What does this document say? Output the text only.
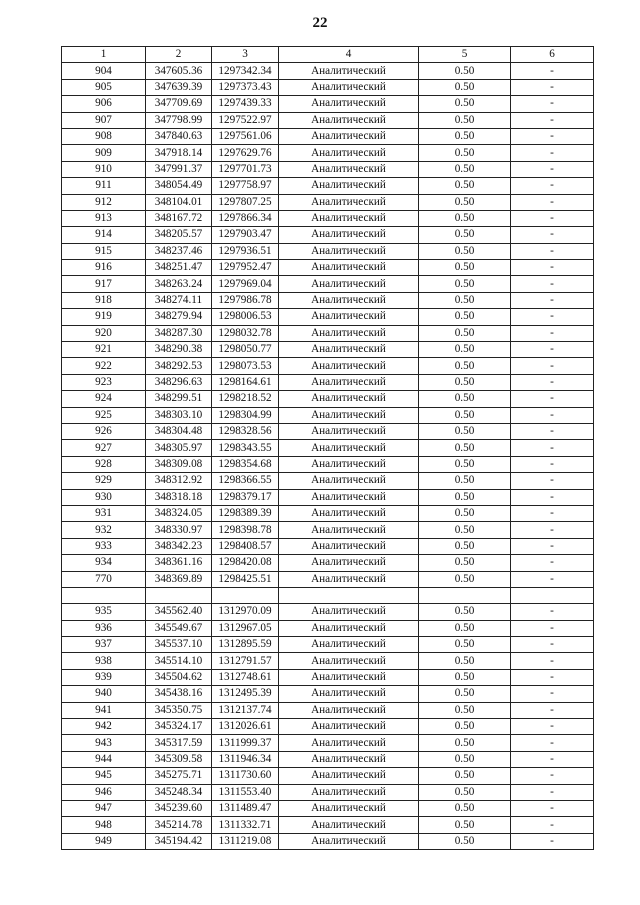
22
1	2	3	4	5	6
904	347605.36	1297342.34	Аналитический	0.50	-
905	347639.39	1297373.43	Аналитический	0.50	-
906	347709.69	1297439.33	Аналитический	0.50	-
907	347798.99	1297522.97	Аналитический	0.50	-
908	347840.63	1297561.06	Аналитический	0.50	-
909	347918.14	1297629.76	Аналитический	0.50	-
910	347991.37	1297701.73	Аналитический	0.50	-
911	348054.49	1297758.97	Аналитический	0.50	-
912	348104.01	1297807.25	Аналитический	0.50	-
913	348167.72	1297866.34	Аналитический	0.50	-
914	348205.57	1297903.47	Аналитический	0.50	-
915	348237.46	1297936.51	Аналитический	0.50	-
916	348251.47	1297952.47	Аналитический	0.50	-
917	348263.24	1297969.04	Аналитический	0.50	-
918	348274.11	1297986.78	Аналитический	0.50	-
919	348279.94	1298006.53	Аналитический	0.50	-
920	348287.30	1298032.78	Аналитический	0.50	-
921	348290.38	1298050.77	Аналитический	0.50	-
922	348292.53	1298073.53	Аналитический	0.50	-
923	348296.63	1298164.61	Аналитический	0.50	-
924	348299.51	1298218.52	Аналитический	0.50	-
925	348303.10	1298304.99	Аналитический	0.50	-
926	348304.48	1298328.56	Аналитический	0.50	-
927	348305.97	1298343.55	Аналитический	0.50	-
928	348309.08	1298354.68	Аналитический	0.50	-
929	348312.92	1298366.55	Аналитический	0.50	-
930	348318.18	1298379.17	Аналитический	0.50	-
931	348324.05	1298389.39	Аналитический	0.50	-
932	348330.97	1298398.78	Аналитический	0.50	-
933	348342.23	1298408.57	Аналитический	0.50	-
934	348361.16	1298420.08	Аналитический	0.50	-
770	348369.89	1298425.51	Аналитический	0.50	-

935	345562.40	1312970.09	Аналитический	0.50	-
936	345549.67	1312967.05	Аналитический	0.50	-
937	345537.10	1312895.59	Аналитический	0.50	-
938	345514.10	1312791.57	Аналитический	0.50	-
939	345504.62	1312748.61	Аналитический	0.50	-
940	345438.16	1312495.39	Аналитический	0.50	-
941	345350.75	1312137.74	Аналитический	0.50	-
942	345324.17	1312026.61	Аналитический	0.50	-
943	345317.59	1311999.37	Аналитический	0.50	-
944	345309.58	1311946.34	Аналитический	0.50	-
945	345275.71	1311730.60	Аналитический	0.50	-
946	345248.34	1311553.40	Аналитический	0.50	-
947	345239.60	1311489.47	Аналитический	0.50	-
948	345214.78	1311332.71	Аналитический	0.50	-
949	345194.42	1311219.08	Аналитический	0.50	-
